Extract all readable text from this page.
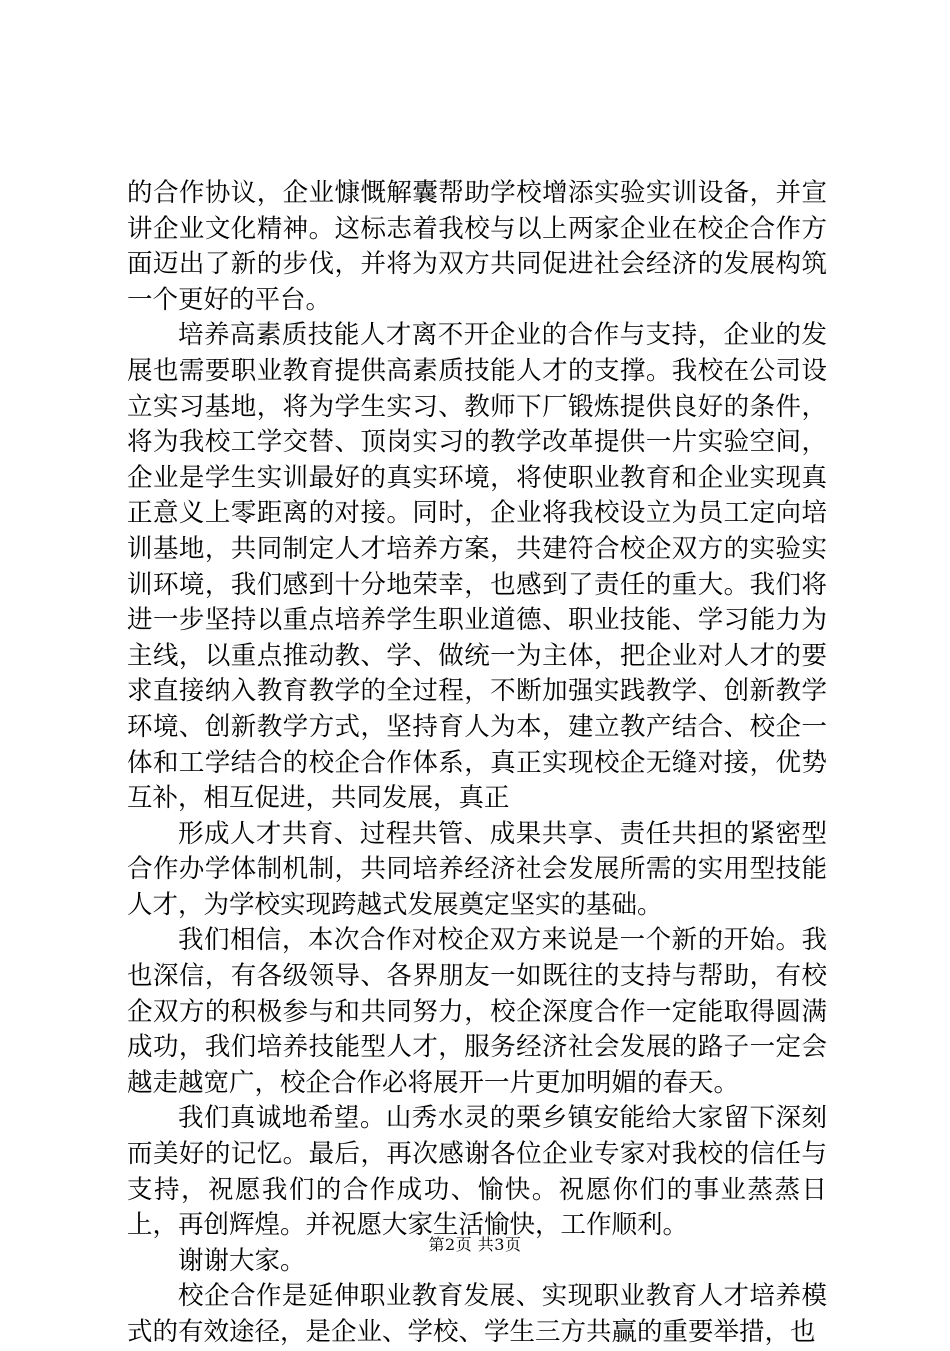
的合作协议，企业慷慨解囊帮助学校增添实验实训设备，并宣讲企业文化精神。这标志着我校与以上两家企业在校企合作方面迈出了新的步伐，并将为双方共同促进社会经济的发展构筑一个更好的平台。

培养高素质技能人才离不开企业的合作与支持，企业的发展也需要职业教育提供高素质技能人才的支撑。我校在公司设立实习基地，将为学生实习、教师下厂锻炼提供良好的条件，将为我校工学交替、顶岗实习的教学改革提供一片实验空间，企业是学生实训最好的真实环境，将使职业教育和企业实现真正意义上零距离的对接。同时，企业将我校设立为员工定向培训基地，共同制定人才培养方案，共建符合校企双方的实验实训环境，我们感到十分地荣幸，也感到了责任的重大。我们将进一步坚持以重点培养学生职业道德、职业技能、学习能力为主线，以重点推动教、学、做统一为主体，把企业对人才的要求直接纳入教育教学的全过程，不断加强实践教学、创新教学环境、创新教学方式，坚持育人为本，建立教产结合、校企一体和工学结合的校企合作体系，真正实现校企无缝对接，优势互补，相互促进，共同发展，真正

形成人才共育、过程共管、成果共享、责任共担的紧密型合作办学体制机制，共同培养经济社会发展所需的实用型技能人才，为学校实现跨越式发展奠定坚实的基础。

我们相信，本次合作对校企双方来说是一个新的开始。我也深信，有各级领导、各界朋友一如既往的支持与帮助，有校企双方的积极参与和共同努力，校企深度合作一定能取得圆满成功，我们培养技能型人才，服务经济社会发展的路子一定会越走越宽广，校企合作必将展开一片更加明媚的春天。

我们真诚地希望。山秀水灵的栗乡镇安能给大家留下深刻而美好的记忆。最后，再次感谢各位企业专家对我校的信任与支持，祝愿我们的合作成功、愉快。祝愿你们的事业蒸蒸日上，再创辉煌。并祝愿大家生活愉快，工作顺利。

谢谢大家。

校企合作是延伸职业教育发展、实现职业教育人才培养模式的有效途径，是企业、学校、学生三方共赢的重要举措，也

第2页 共3页
